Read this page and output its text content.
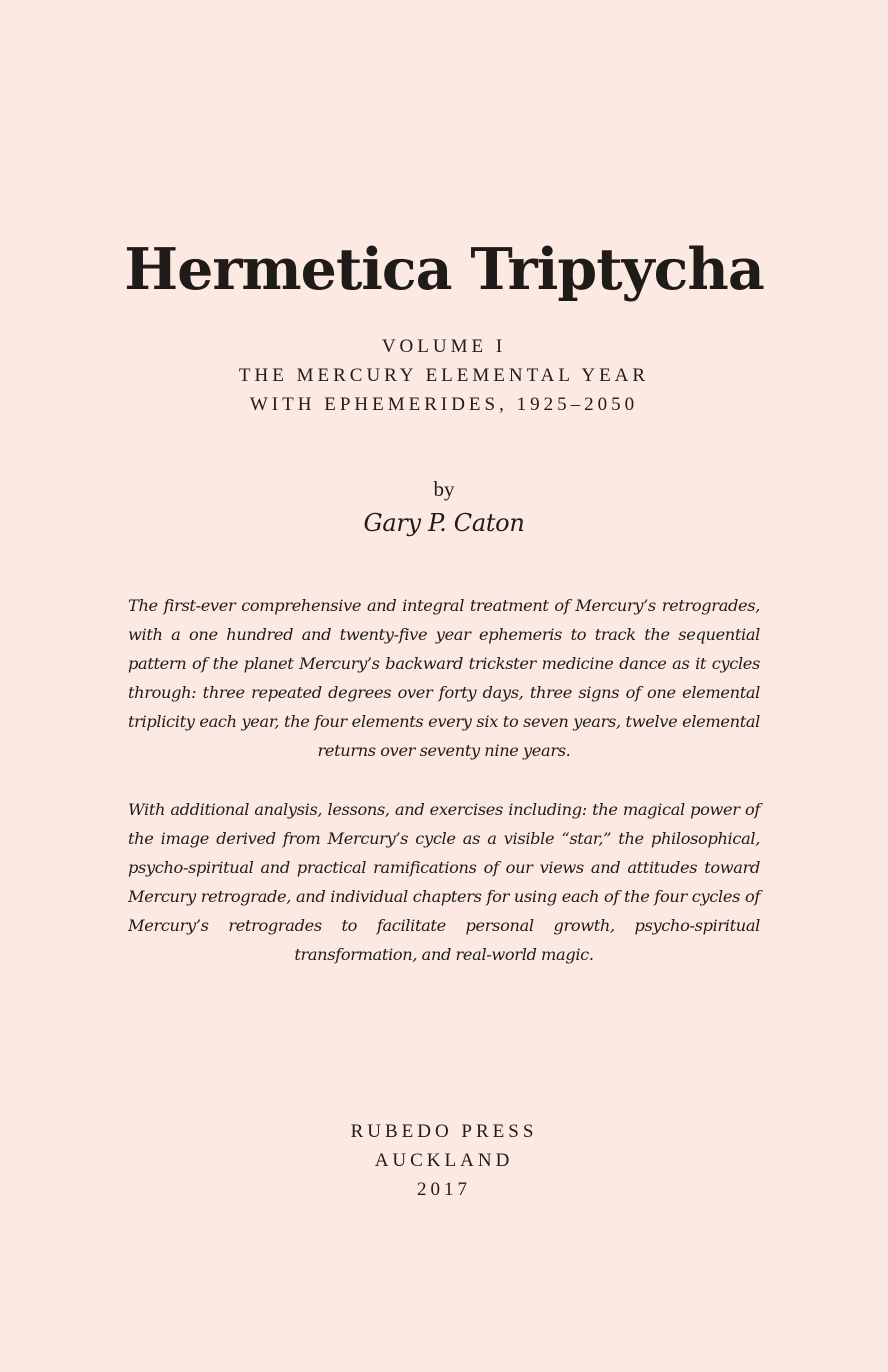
Hermetica Triptycha
VOLUME I
THE MERCURY ELEMENTAL YEAR
WITH EPHEMERIDES, 1925–2050
by
Gary P. Caton

The first-ever comprehensive and integral treatment of Mercury’s retrogrades, with a one hundred and twenty-five year ephemeris to track the sequential pattern of the planet Mercury’s backward trickster medicine dance as it cycles through: three repeated degrees over forty days, three signs of one elemental triplicity each year, the four elements every six to seven years, twelve elemental returns over seventy nine years.

With additional analysis, lessons, and exercises including: the magical power of the image derived from Mercury’s cycle as a visible “star,” the philosophical, psycho-spiritual and practical ramifications of our views and attitudes toward Mercury retrograde, and individual chapters for using each of the four cycles of Mercury’s retrogrades to facilitate personal growth, psycho-spiritual transformation, and real-world magic.

RUBEDO PRESS
AUCKLAND
2017
